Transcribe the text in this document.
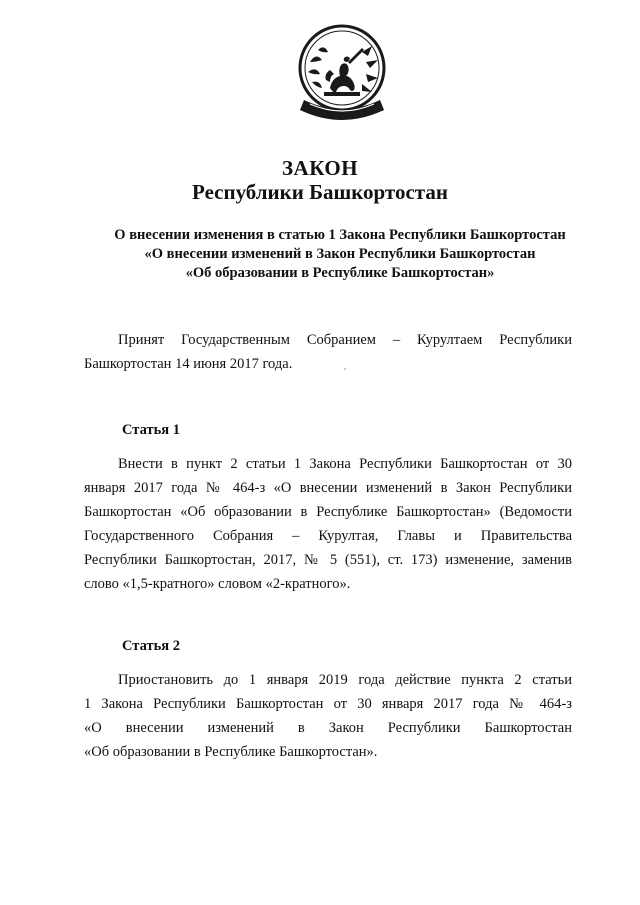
ЗАКОН
Республики Башкортостан
О внесении изменения в статью 1 Закона Республики Башкортостан
«О внесении изменений в Закон Республики Башкортостан
«Об образовании в Республике Башкортостан»
Принят Государственным Собранием – Курултаем Республики
Башкортостан 14 июня 2017 года.
Статья 1
Внести в пункт 2 статьи 1 Закона Республики Башкортостан от 30
января 2017 года № 464-з «О внесении изменений в Закон Республики
Башкортостан «Об образовании в Республике Башкортостан» (Ведомости
Государственного Собрания – Курултая, Главы и Правительства
Республики Башкортостан, 2017, № 5 (551), ст. 173) изменение, заменив
слово «1,5-кратного» словом «2-кратного».
Статья 2
Приостановить до 1 января 2019 года действие пункта 2 статьи
1 Закона Республики Башкортостан от 30 января 2017 года № 464-з
«О внесении изменений в Закон Республики Башкортостан
«Об образовании в Республике Башкортостан».
